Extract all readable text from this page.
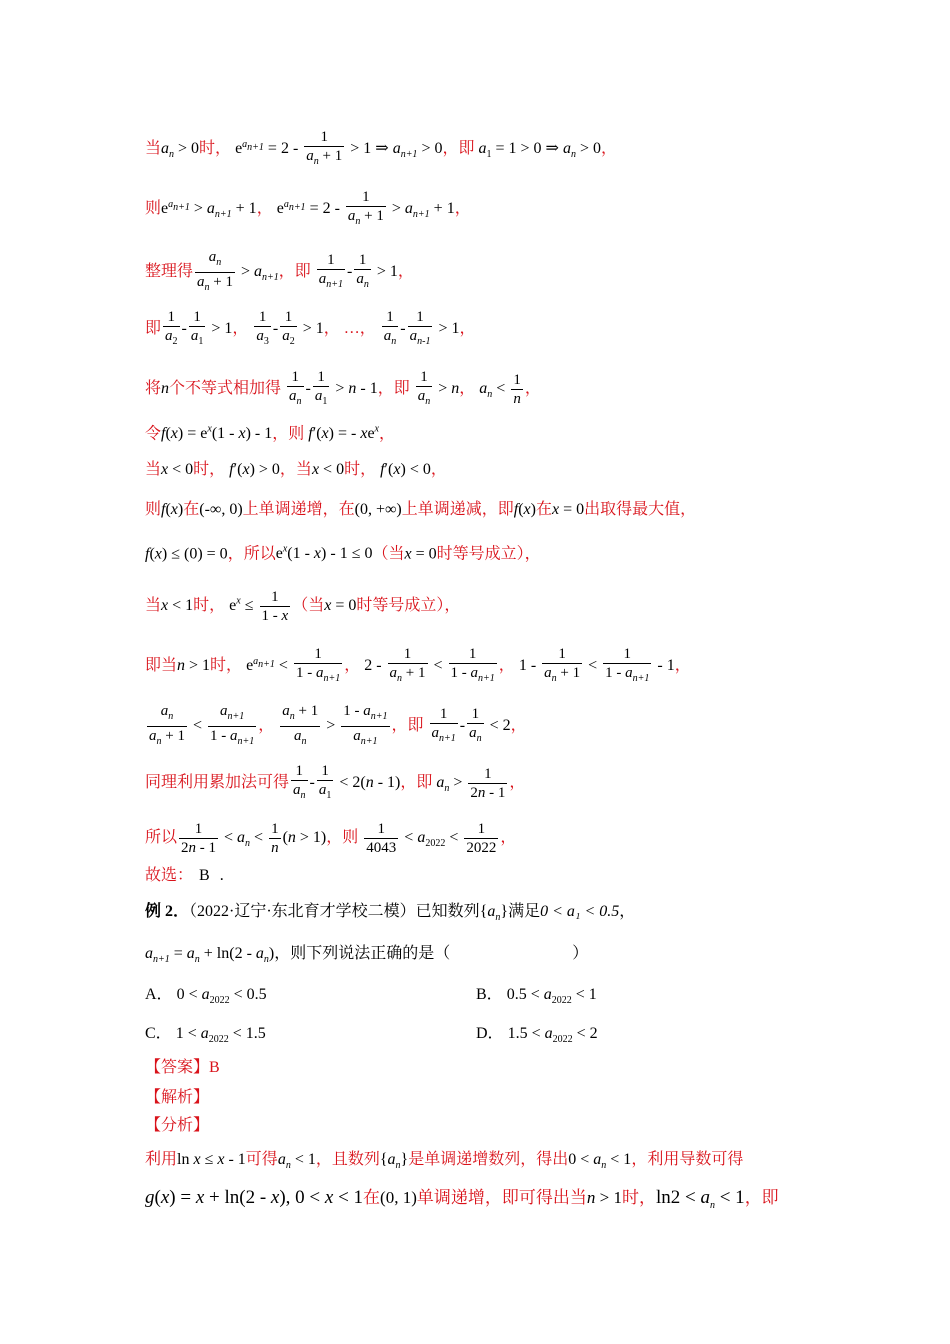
当$a_n > 0$时， $e^{a_{n+1}} = 2 - \frac{1}{a_n + 1} > 1$ ⇒ $a_{n+1} > 0$，即 $a_1 = 1 > 0$ ⇒ $a_n > 0$，
则$e^{a_{n+1}} > a_{n+1} + 1$， $e^{a_{n+1}} = 2 - \frac{1}{a_n + 1} > a_{n+1} + 1$，
整理得 $\frac{a_n}{a_n + 1} > a_{n+1}$，即 $\frac{1}{a_{n+1}} - \frac{1}{a_n} > 1$，
即 $\frac{1}{a_2} - \frac{1}{a_1} > 1$， $\frac{1}{a_3} - \frac{1}{a_2} > 1$， …， $\frac{1}{a_n} - \frac{1}{a_{n-1}} > 1$，
将n个不等式相加得 $\frac{1}{a_n} - \frac{1}{a_1} > n - 1$，即 $\frac{1}{a_n} > n$， $a_n < \frac{1}{n}$ ，
令$f(x) = e^x(1 - x) - 1$，则 f′(x) = - $xe^x$，
当x < 0时， f′(x) > 0，当x < 0时， f′(x) < 0，
则f(x)在(-∞, 0)上单调递增，在(0, +∞)上单调递减，即f(x)在x = 0出取得最大值，
f(x) ≤ (0) = 0，所以$e^x(1 - x) - 1 \le 0$（当x = 0时等号成立），
当x < 1时， $e^x \le \frac{1}{1 - x}$ （当x = 0时等号成立），
即当n > 1时， $e^{a_{n+1}} < \frac{1}{1 - a_{n+1}}$ ， $2 - \frac{1}{a_n + 1} < \frac{1}{1 - a_{n+1}}$ ， $1 - \frac{1}{a_n + 1} < \frac{1}{1 - a_{n+1}} - 1$，
$\frac{a_n}{a_n + 1} < \frac{a_{n+1}}{1 - a_{n+1}}$ ， $\frac{a_n + 1}{a_n} > \frac{1 - a_{n+1}}{a_{n+1}}$ ，即 $\frac{1}{a_{n+1}} - \frac{1}{a_n} < 2$，
同理利用累加法可得 $\frac{1}{a_n} - \frac{1}{a_1} < 2(n - 1)$，即 $a_n > \frac{1}{2n - 1}$ ，
所以 $\frac{1}{2n - 1} < a_n < \frac{1}{n} (n > 1)$，则 $\frac{1}{4043} < a_{2022} < \frac{1}{2022}$ ，
故选： B .
例 2．（2022·辽宁·东北育才学校二模）已知数列$\{a_n\}$满足0 < a₁ < 0.5，
$a_{n+1} = a_n + \ln(2 - a_n)$，则下列说法正确的是（	）
A． $0 < a_{2022} < 0.5$	B． $0.5 < a_{2022} < 1$
C． $1 < a_{2022} < 1.5$	D． $1.5 < a_{2022} < 2$
【答案】B
【解析】
【分析】
利用ln x ≤ x - 1可得$a_n < 1$，且数列$\{a_n\}$是单调递增数列，得出$0 < a_n < 1$，利用导数可得
g(x) = x + ln(2 - x), 0 < x < 1在(0, 1)单调递增，即可得出当n > 1时，$\ln 2 < a_n < 1$，即
